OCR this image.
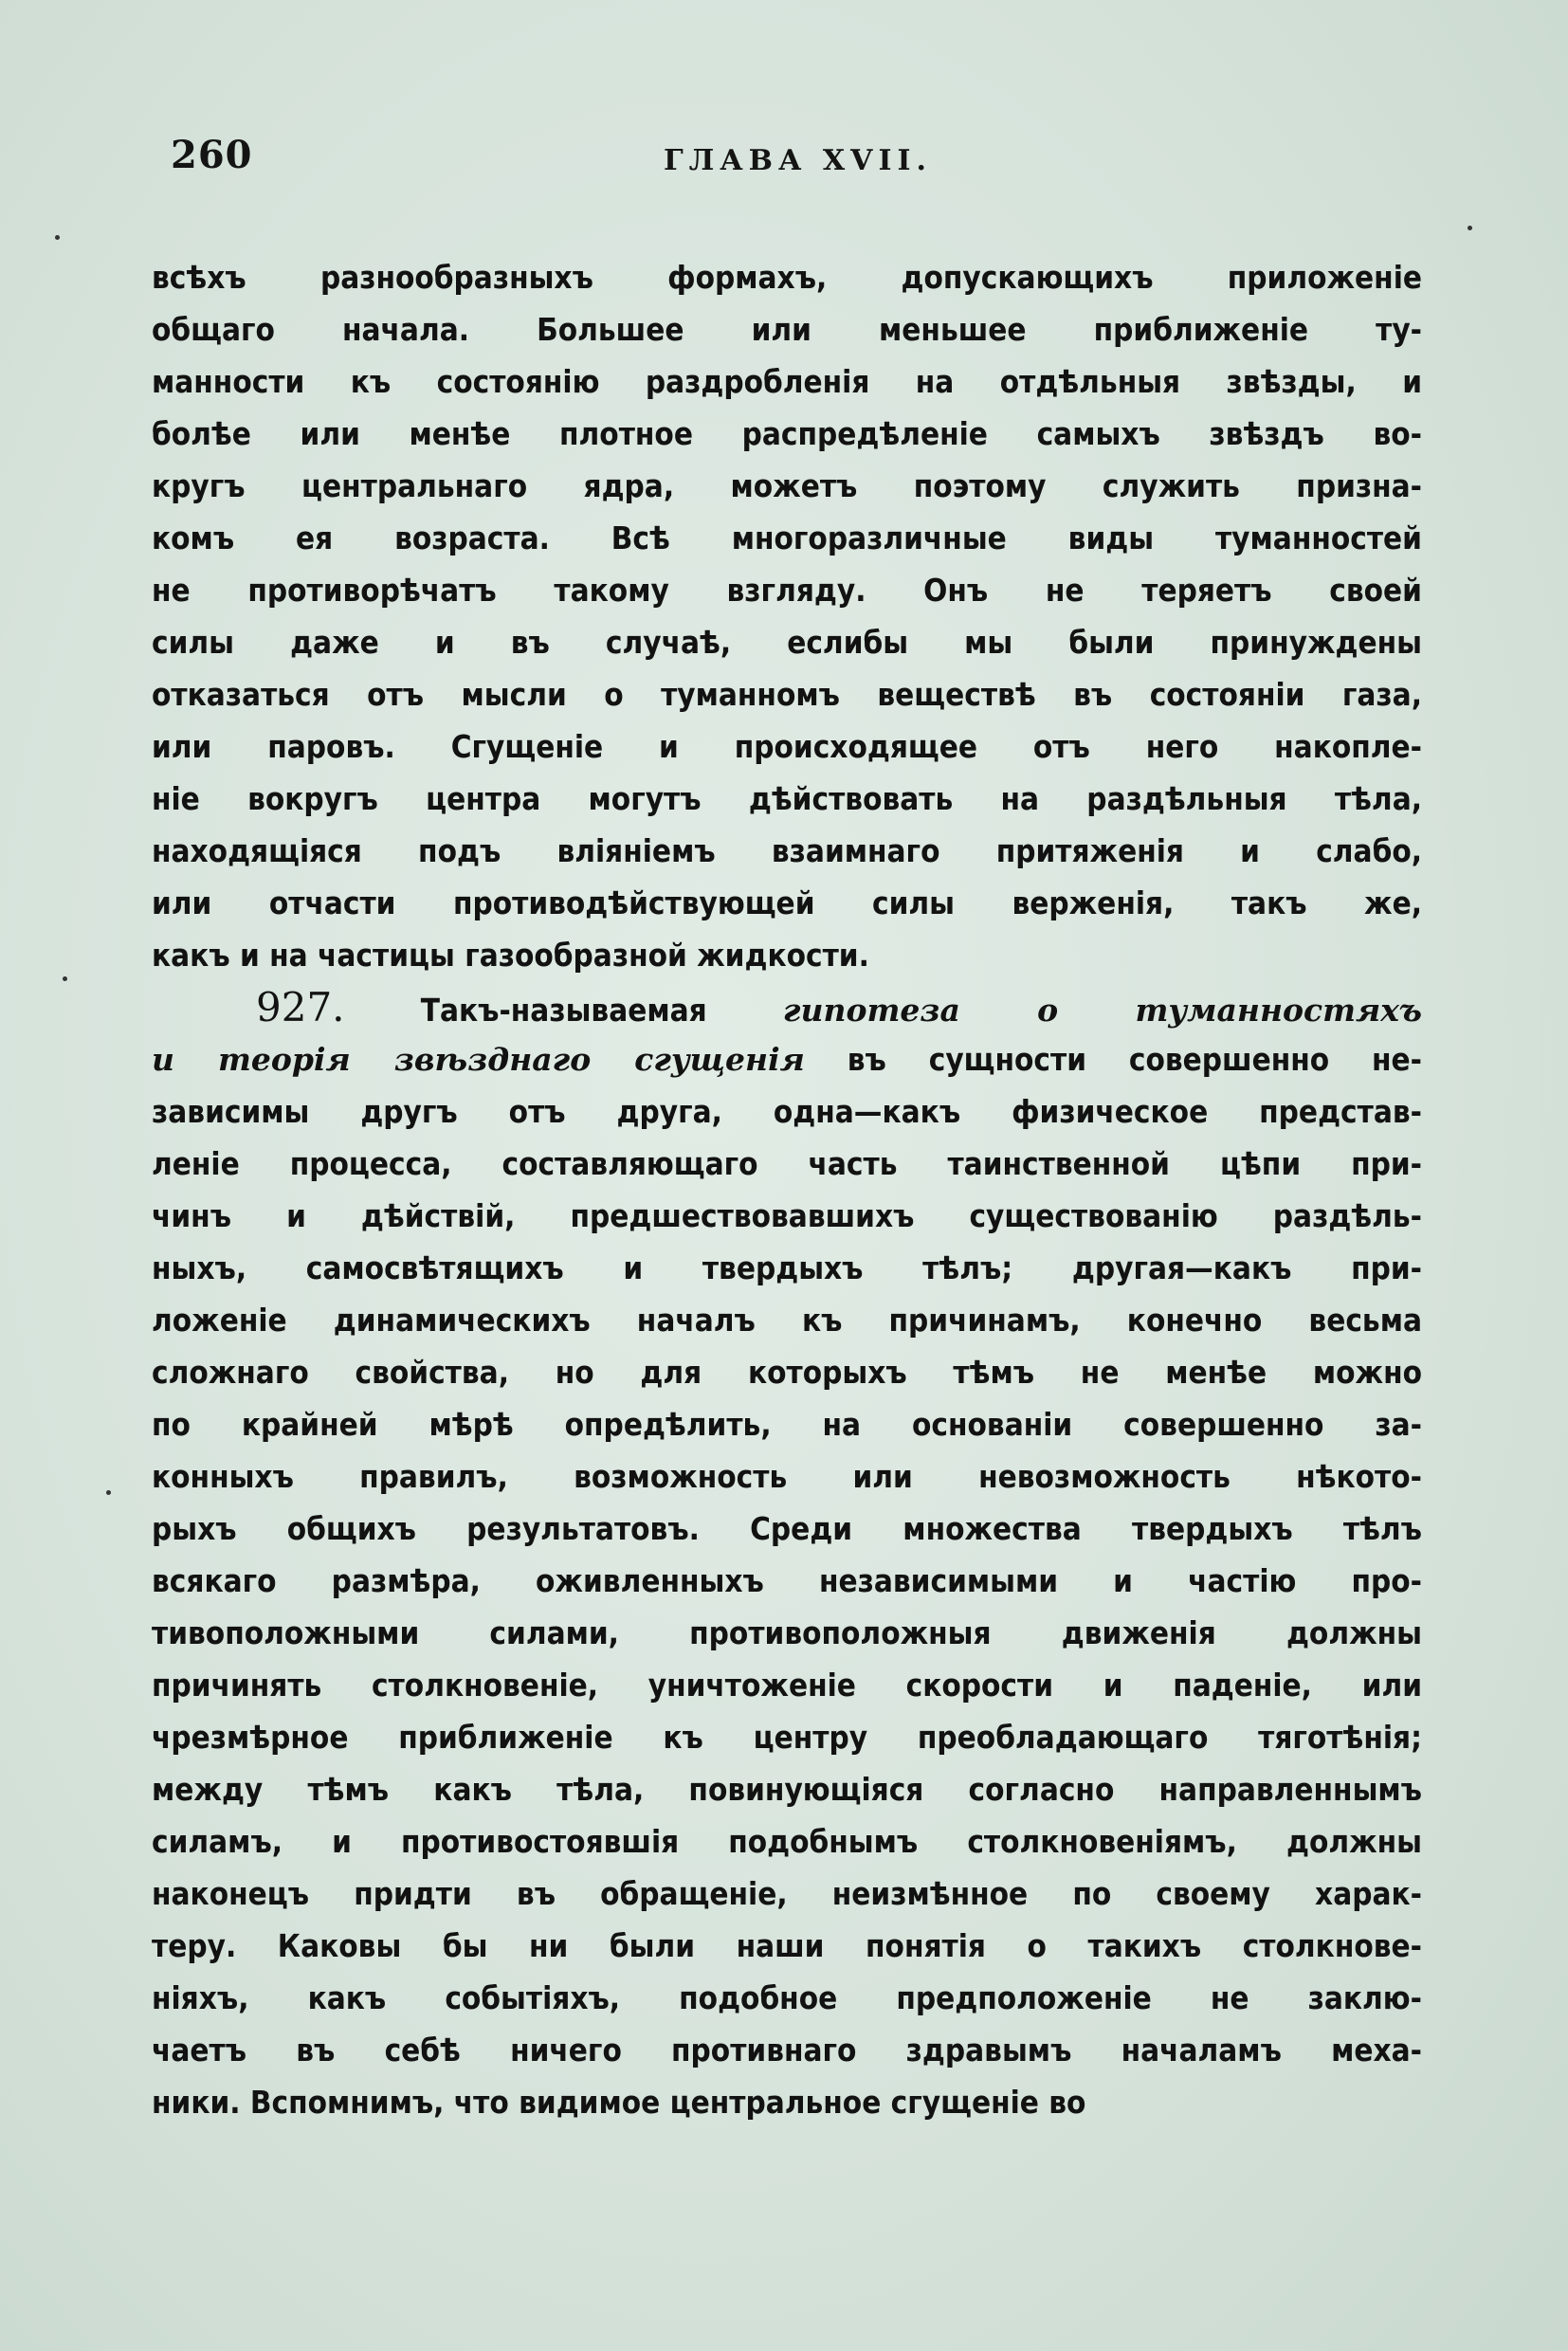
260	ГЛАВА XVII.
всѣхъ разнообразныхъ формахъ, допускающихъ приложеніе
общаго начала. Большее или меньшее приближеніе ту-
манности къ состоянію раздробленія на отдѣльныя звѣзды, и
болѣе или менѣе плотное распредѣленіе самыхъ звѣздъ во-
кругъ центральнаго ядра, можетъ поэтому служить призна-
комъ ея возраста. Всѣ многоразличные виды туманностей
не противорѣчатъ такому взгляду. Онъ не теряетъ своей
силы даже и въ случаѣ, еслибы мы были принуждены
отказаться отъ мысли о туманномъ веществѣ въ состояніи газа,
или паровъ. Сгущеніе и происходящее отъ него накопле-
ніе вокругъ центра могутъ дѣйствовать на раздѣльныя тѣла,
находящіяся подъ вліяніемъ взаимнаго притяженія и слабо,
или отчасти противодѣйствующей силы верженія, такъ же,
какъ и на частицы газообразной жидкости.
927. Такъ-называемая гипотеза о туманностяхъ
и теорія звѣзднаго сгущенія въ сущности совершенно не-
зависимы другъ отъ друга, одна—какъ физическое представ-
леніе процесса, составляющаго часть таинственной цѣпи при-
чинъ и дѣйствій, предшествовавшихъ существованію раздѣль-
ныхъ, самосвѣтящихъ и твердыхъ тѣлъ; другая—какъ при-
ложеніе динамическихъ началъ къ причинамъ, конечно весьма
сложнаго свойства, но для которыхъ тѣмъ не менѣе можно
по крайней мѣрѣ опредѣлить, на основаніи совершенно за-
конныхъ правилъ, возможность или невозможность нѣкото-
рыхъ общихъ результатовъ. Среди множества твердыхъ тѣлъ
всякаго размѣра, оживленныхъ независимыми и частію про-
тивоположными силами, противоположныя движенія должны
причинять столкновеніе, уничтоженіе скорости и паденіе, или
чрезмѣрное приближеніе къ центру преобладающаго тяготѣнія;
между тѣмъ какъ тѣла, повинующіяся согласно направленнымъ
силамъ, и противостоявшія подобнымъ столкновеніямъ, должны
наконецъ придти въ обращеніе, неизмѣнное по своему харак-
теру. Каковы бы ни были наши понятія о такихъ столкнове-
ніяхъ, какъ событіяхъ, подобное предположеніе не заклю-
чаетъ въ себѣ ничего противнаго здравымъ началамъ меха-
ники. Вспомнимъ, что видимое центральное сгущеніе во
